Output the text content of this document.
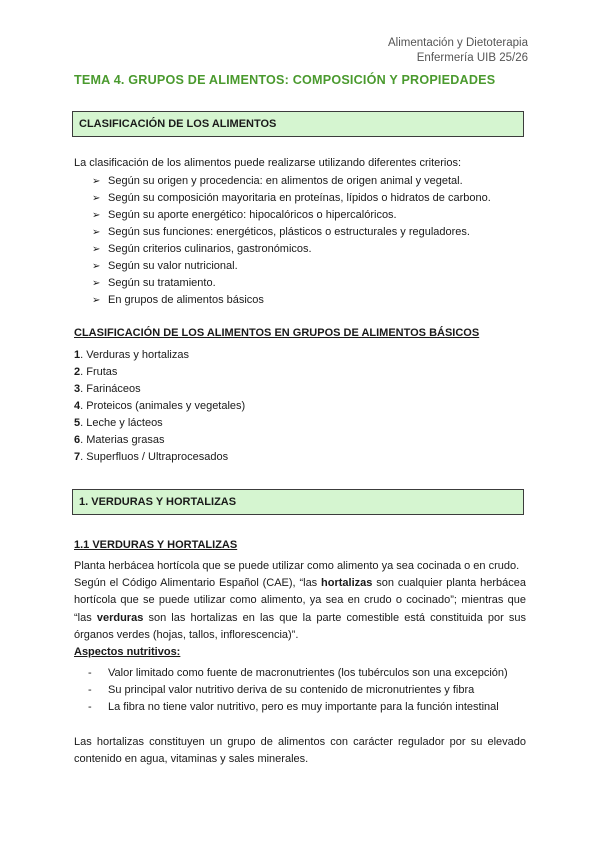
Alimentación y Dietoterapia
Enfermería UIB 25/26
TEMA 4. GRUPOS DE ALIMENTOS: COMPOSICIÓN Y PROPIEDADES
CLASIFICACIÓN DE LOS ALIMENTOS
La clasificación de los alimentos puede realizarse utilizando diferentes criterios:
➢ Según su origen y procedencia: en alimentos de origen animal y vegetal.
➢ Según su composición mayoritaria en proteínas, lípidos o hidratos de carbono.
➢ Según su aporte energético: hipocalóricos o hipercalóricos.
➢ Según sus funciones: energéticos, plásticos o estructurales y reguladores.
➢ Según criterios culinarios, gastronómicos.
➢ Según su valor nutricional.
➢ Según su tratamiento.
➢ En grupos de alimentos básicos
CLASIFICACIÓN DE LOS ALIMENTOS EN GRUPOS DE ALIMENTOS BÁSICOS
1. Verduras y hortalizas
2. Frutas
3. Farináceos
4. Proteicos (animales y vegetales)
5. Leche y lácteos
6. Materias grasas
7. Superfluos / Ultraprocesados
1. VERDURAS Y HORTALIZAS
1.1 VERDURAS Y HORTALIZAS
Planta herbácea hortícola que se puede utilizar como alimento ya sea cocinada o en crudo.
Según el Código Alimentario Español (CAE), “las hortalizas son cualquier planta herbácea hortícola que se puede utilizar como alimento, ya sea en crudo o cocinado”; mientras que “las verduras son las hortalizas en las que la parte comestible está constituida por sus órganos verdes (hojas, tallos, inflorescencia)”.
Aspectos nutritivos:
- Valor limitado como fuente de macronutrientes (los tubérculos son una excepción)
- Su principal valor nutritivo deriva de su contenido de micronutrientes y fibra
- La fibra no tiene valor nutritivo, pero es muy importante para la función intestinal
Las hortalizas constituyen un grupo de alimentos con carácter regulador por su elevado contenido en agua, vitaminas y sales minerales.
